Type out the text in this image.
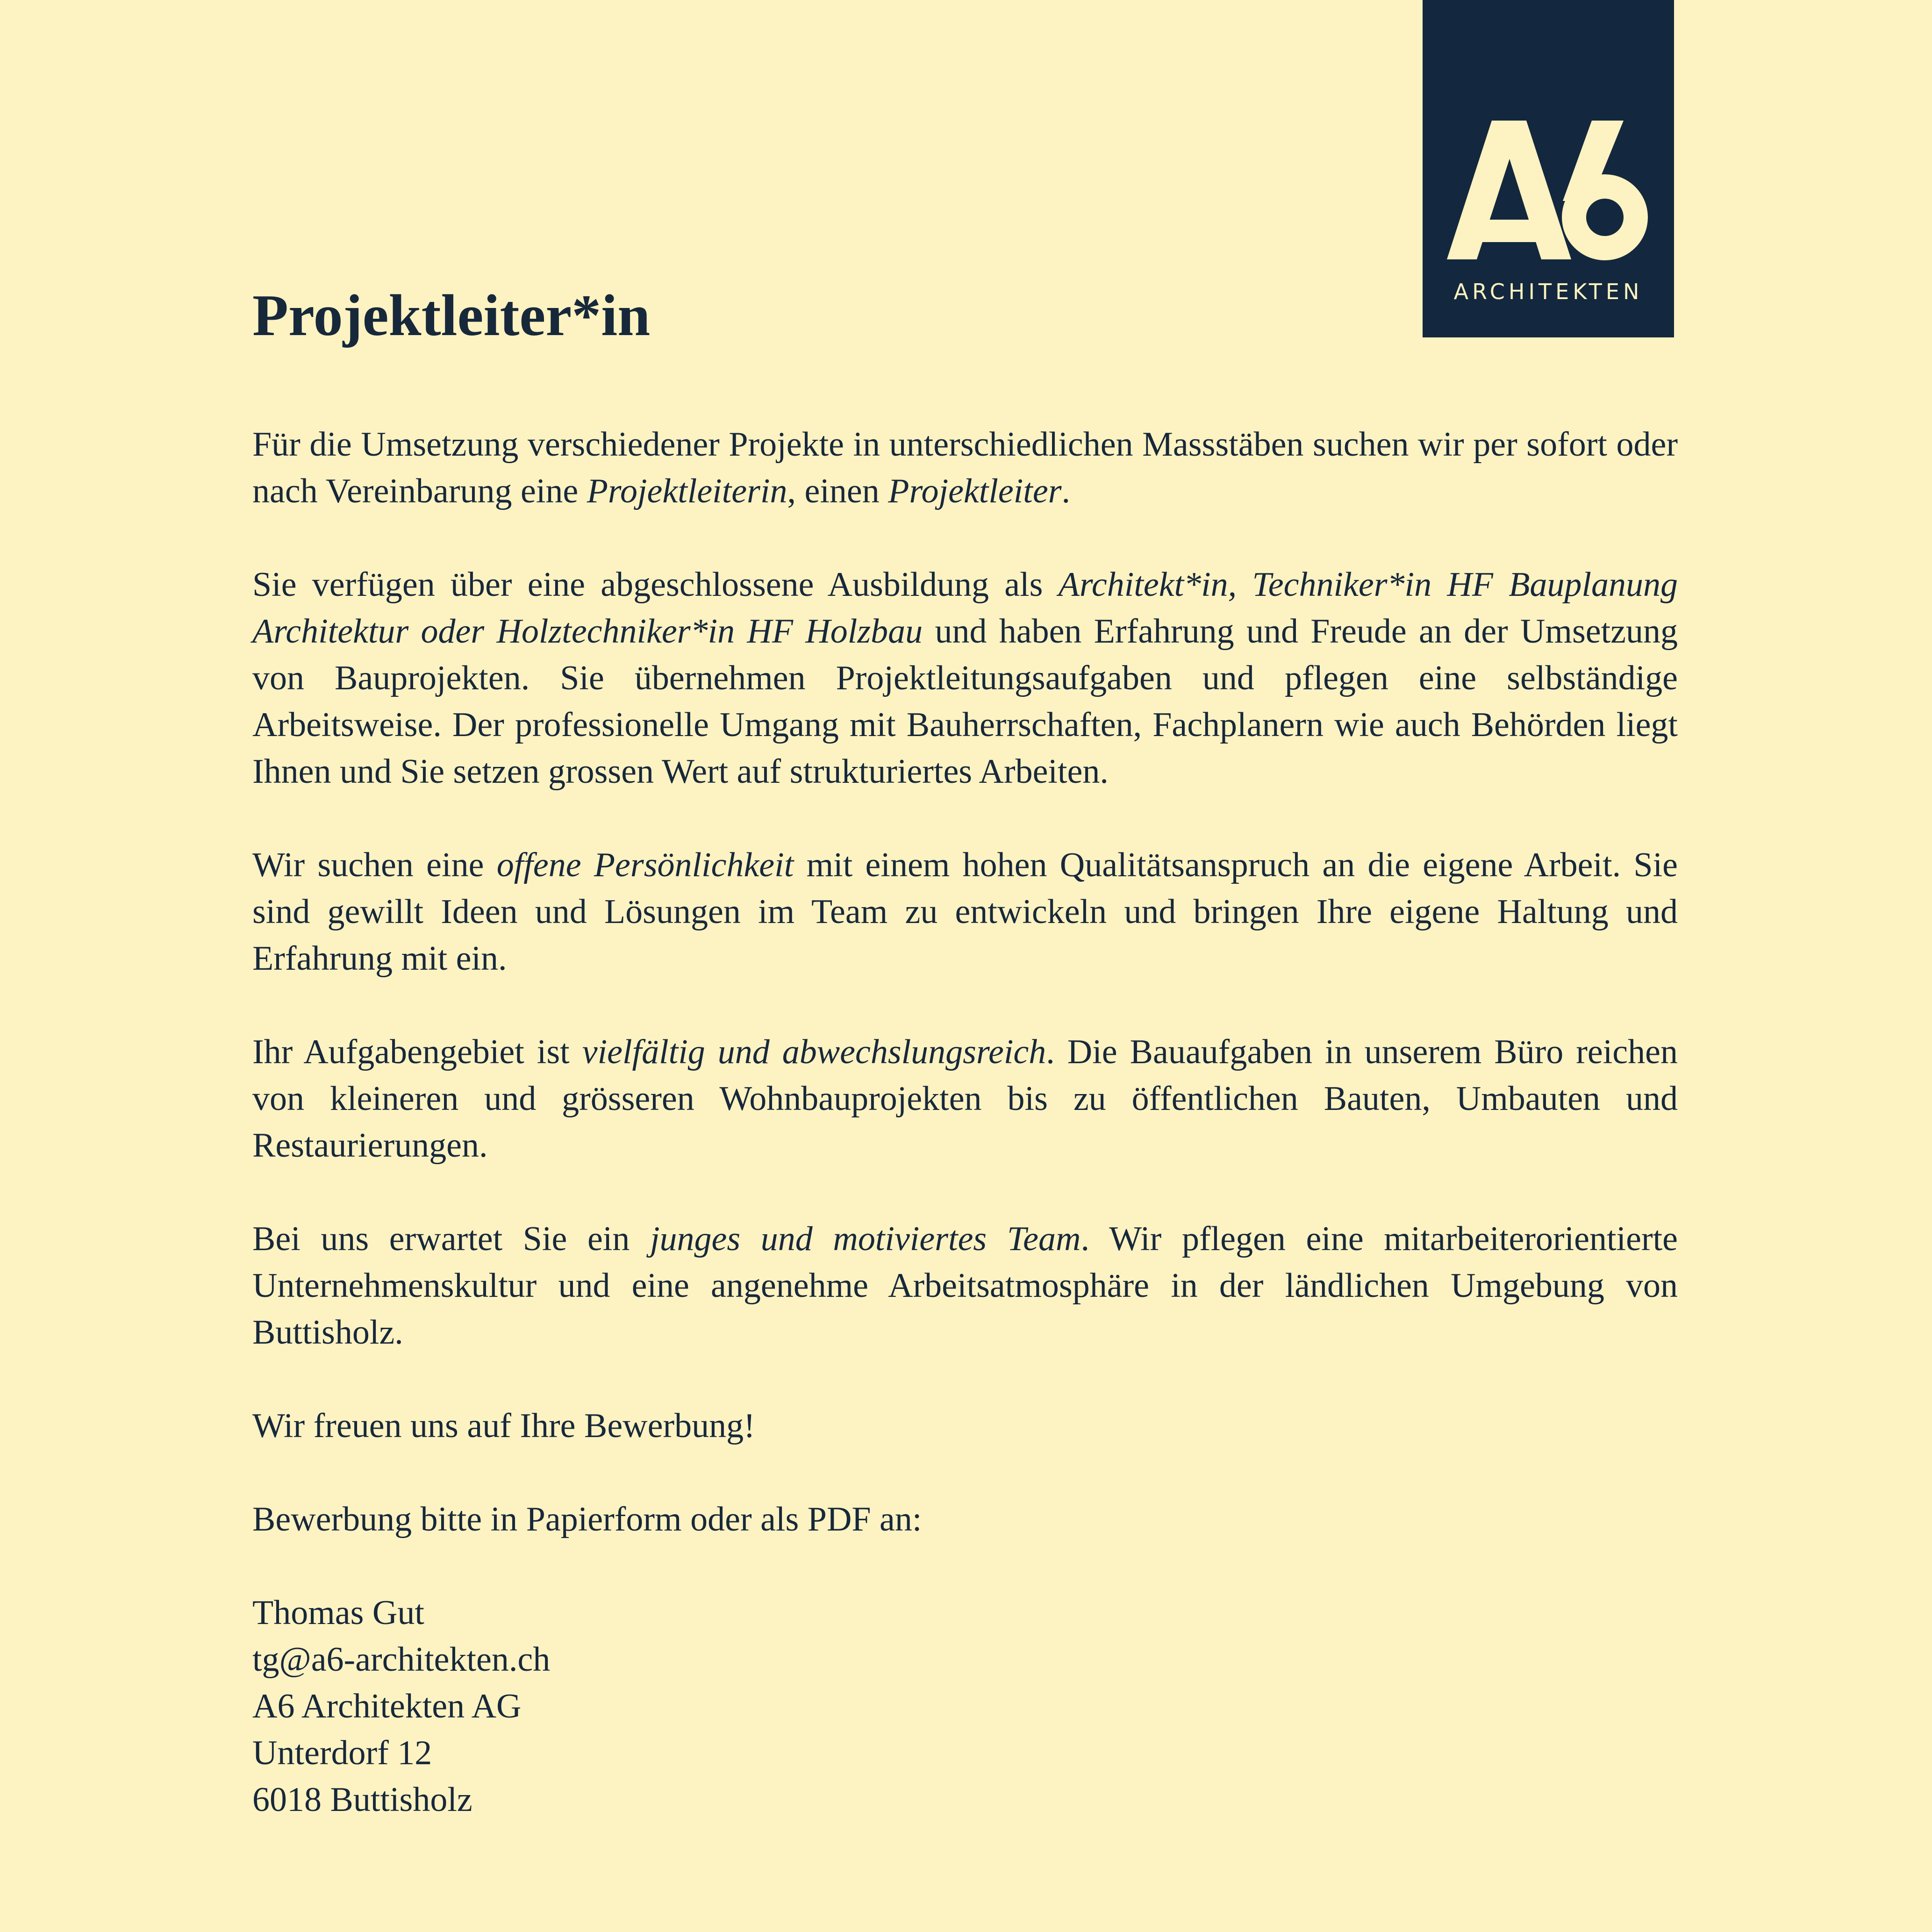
ARCHITEKTEN
Projektleiter*in

Für die Umsetzung verschiedener Projekte in unterschiedlichen Massstäben suchen wir per sofort oder nach Vereinbarung eine Projektleiterin, einen Projektleiter.

Sie verfügen über eine abgeschlossene Ausbildung als Architekt*in, Techniker*in HF Bauplanung Architektur oder Holztechniker*in HF Holzbau und haben Erfahrung und Freude an der Umsetzung von Bauprojekten. Sie übernehmen Projektleitungsaufgaben und pflegen eine selbständige Arbeitsweise. Der professionelle Umgang mit Bauherrschaften, Fachplanern wie auch Behörden liegt Ihnen und Sie setzen grossen Wert auf strukturiertes Arbeiten.

Wir suchen eine offene Persönlichkeit mit einem hohen Qualitätsanspruch an die eigene Arbeit. Sie sind gewillt Ideen und Lösungen im Team zu entwickeln und bringen Ihre eigene Haltung und Erfahrung mit ein.

Ihr Aufgabengebiet ist vielfältig und abwechslungsreich. Die Bauaufgaben in unserem Büro reichen von kleineren und grösseren Wohnbauprojekten bis zu öffentlichen Bauten, Umbauten und Restaurierungen.

Bei uns erwartet Sie ein junges und motiviertes Team. Wir pflegen eine mitarbeiterorientierte Unternehmenskultur und eine angenehme Arbeitsatmosphäre in der ländlichen Umgebung von Buttisholz.

Wir freuen uns auf Ihre Bewerbung!

Bewerbung bitte in Papierform oder als PDF an:

Thomas Gut
tg@a6-architekten.ch
A6 Architekten AG
Unterdorf 12
6018 Buttisholz
